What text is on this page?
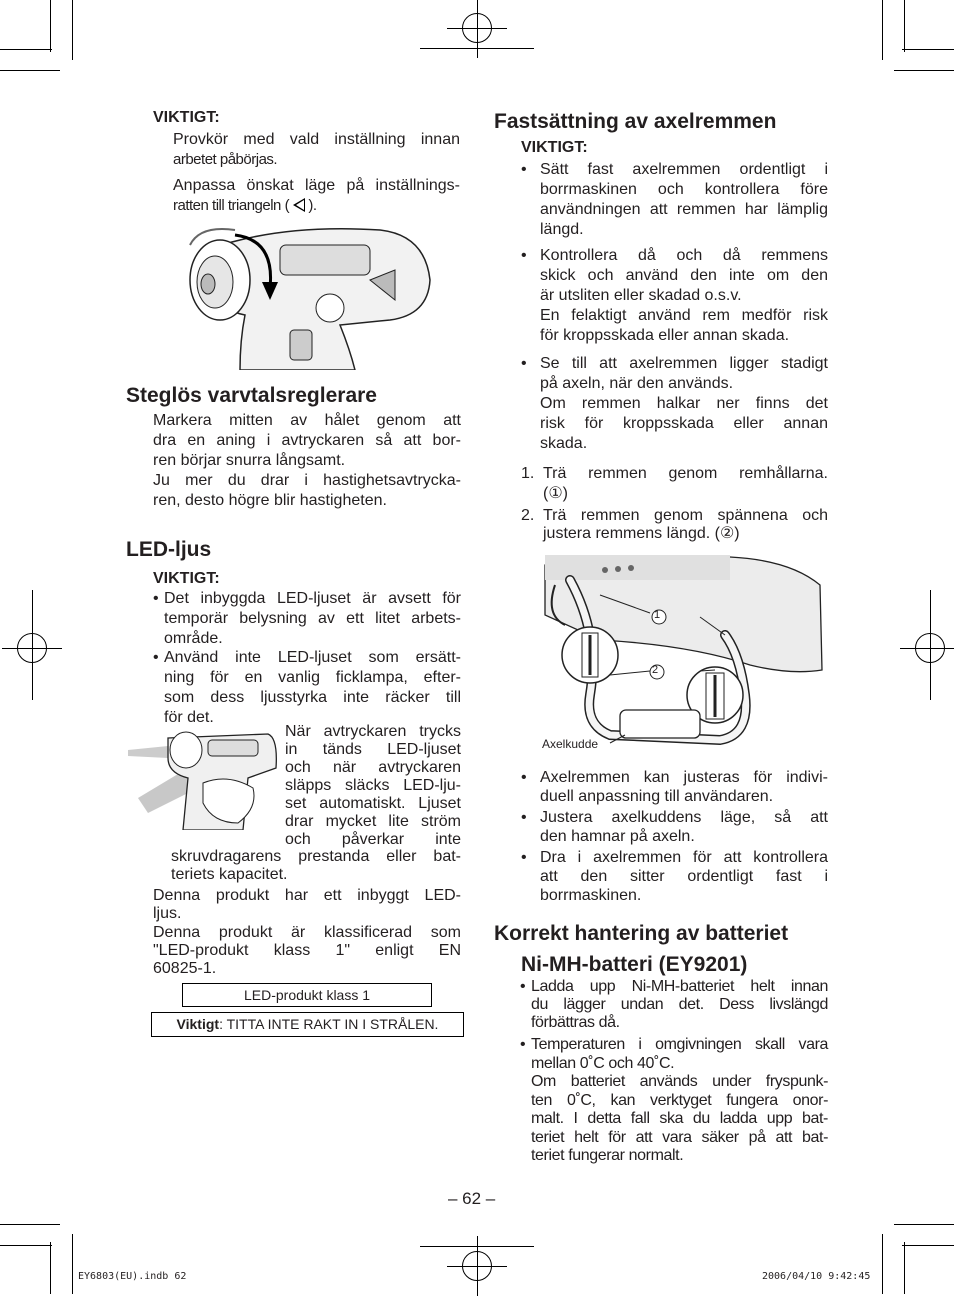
VIKTIGT:
Provkör med vald inställning innan
arbetet påbörjas.
Anpassa önskat läge på inställnings-
ratten till triangeln ( ).
Steglös varvtalsreglerare
Markera mitten av hålet genom att
dra en aning i avtryckaren så att bor-
ren börjar snurra långsamt.
Ju mer du drar i hastighetsavtrycka-
ren, desto högre blir hastigheten.
LED-ljus
VIKTIGT:
• Det inbyggda LED-ljuset är avsett för
temporär belysning av ett litet arbets-
område.
• Använd inte LED-ljuset som ersätt-
ning för en vanlig ficklampa, efter-
som dess ljusstyrka inte räcker till
för det.
När avtryckaren trycks
in tänds LED-ljuset
och när avtryckaren
släpps släcks LED-lju-
set automatiskt. Ljuset
drar mycket lite ström
och påverkar inte
skruvdragarens prestanda eller bat-
teriets kapacitet.
Denna produkt har ett inbyggt LED-
ljus.
Denna produkt är klassificerad som
"LED-produkt klass 1" enligt EN
60825-1.
LED-produkt klass 1
Viktigt: TITTA INTE RAKT IN I STRÅLEN.
Fastsättning av axelremmen
VIKTIGT:
• Sätt fast axelremmen ordentligt i
borrmaskinen och kontrollera före
användningen att remmen har lämplig
längd.
• Kontrollera då och då remmens
skick och använd den inte om den
är utsliten eller skadad o.s.v.
En felaktigt använd rem medför risk
för kroppsskada eller annan skada.
• Se till att axelremmen ligger stadigt
på axeln, när den används.
Om remmen halkar ner finns det
risk för kroppsskada eller annan
skada.
1. Trä remmen genom remhållarna.
(①)
2. Trä remmen genom spännena och
justera remmens längd. (②)
1
2
Axelkudde
• Axelremmen kan justeras för indivi-
duell anpassning till användaren.
• Justera axelkuddens läge, så att
den hamnar på axeln.
• Dra i axelremmen för att kontrollera
att den sitter ordentligt fast i
borrmaskinen.
Korrekt hantering av batteriet
Ni-MH-batteri (EY9201)
• Ladda upp Ni-MH-batteriet helt innan
du lägger undan det. Dess livslängd
förbättras då.
• Temperaturen i omgivningen skall vara
mellan 0˚C och 40˚C.
Om batteriet används under fryspunk-
ten 0˚C, kan verktyget fungera onor-
malt. I detta fall ska du ladda upp bat-
teriet helt för att vara säker på att bat-
teriet fungerar normalt.
– 62 –
EY6803(EU).indb 62	2006/04/10 9:42:45
